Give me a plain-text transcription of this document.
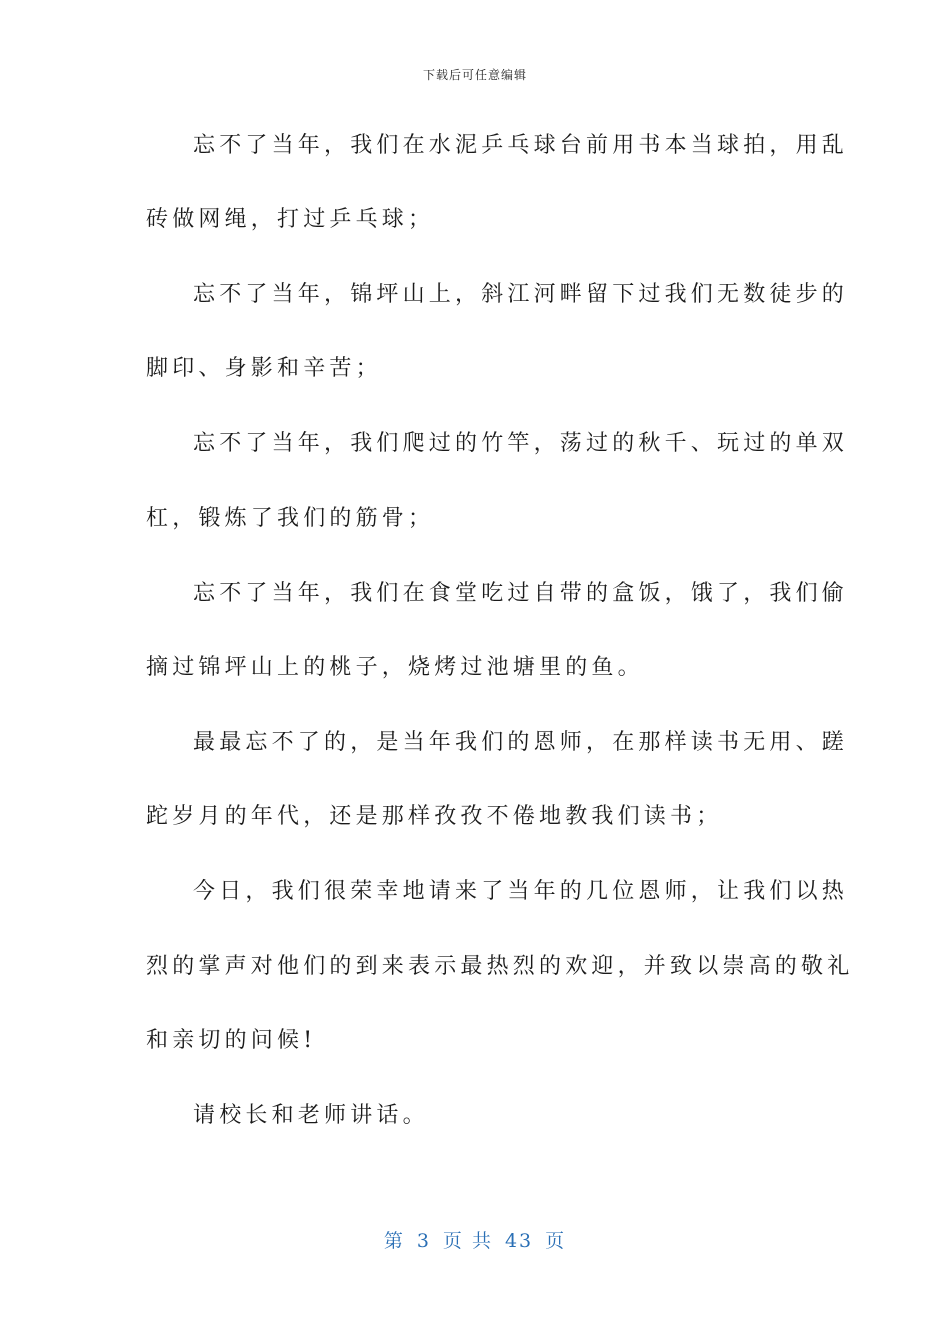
下载后可任意编辑
忘不了当年，我们在水泥乒乓球台前用书本当球拍，用乱
砖做网绳，打过乒乓球；
忘不了当年，锦坪山上，斜江河畔留下过我们无数徒步的
脚印、身影和辛苦；
忘不了当年，我们爬过的竹竿，荡过的秋千、玩过的单双
杠，锻炼了我们的筋骨；
忘不了当年，我们在食堂吃过自带的盒饭，饿了，我们偷
摘过锦坪山上的桃子，烧烤过池塘里的鱼。
最最忘不了的，是当年我们的恩师，在那样读书无用、蹉
跎岁月的年代，还是那样孜孜不倦地教我们读书；
今日，我们很荣幸地请来了当年的几位恩师，让我们以热
烈的掌声对他们的到来表示最热烈的欢迎，并致以崇高的敬礼
和亲切的问候!
请校长和老师讲话。
第 3 页 共 43 页
